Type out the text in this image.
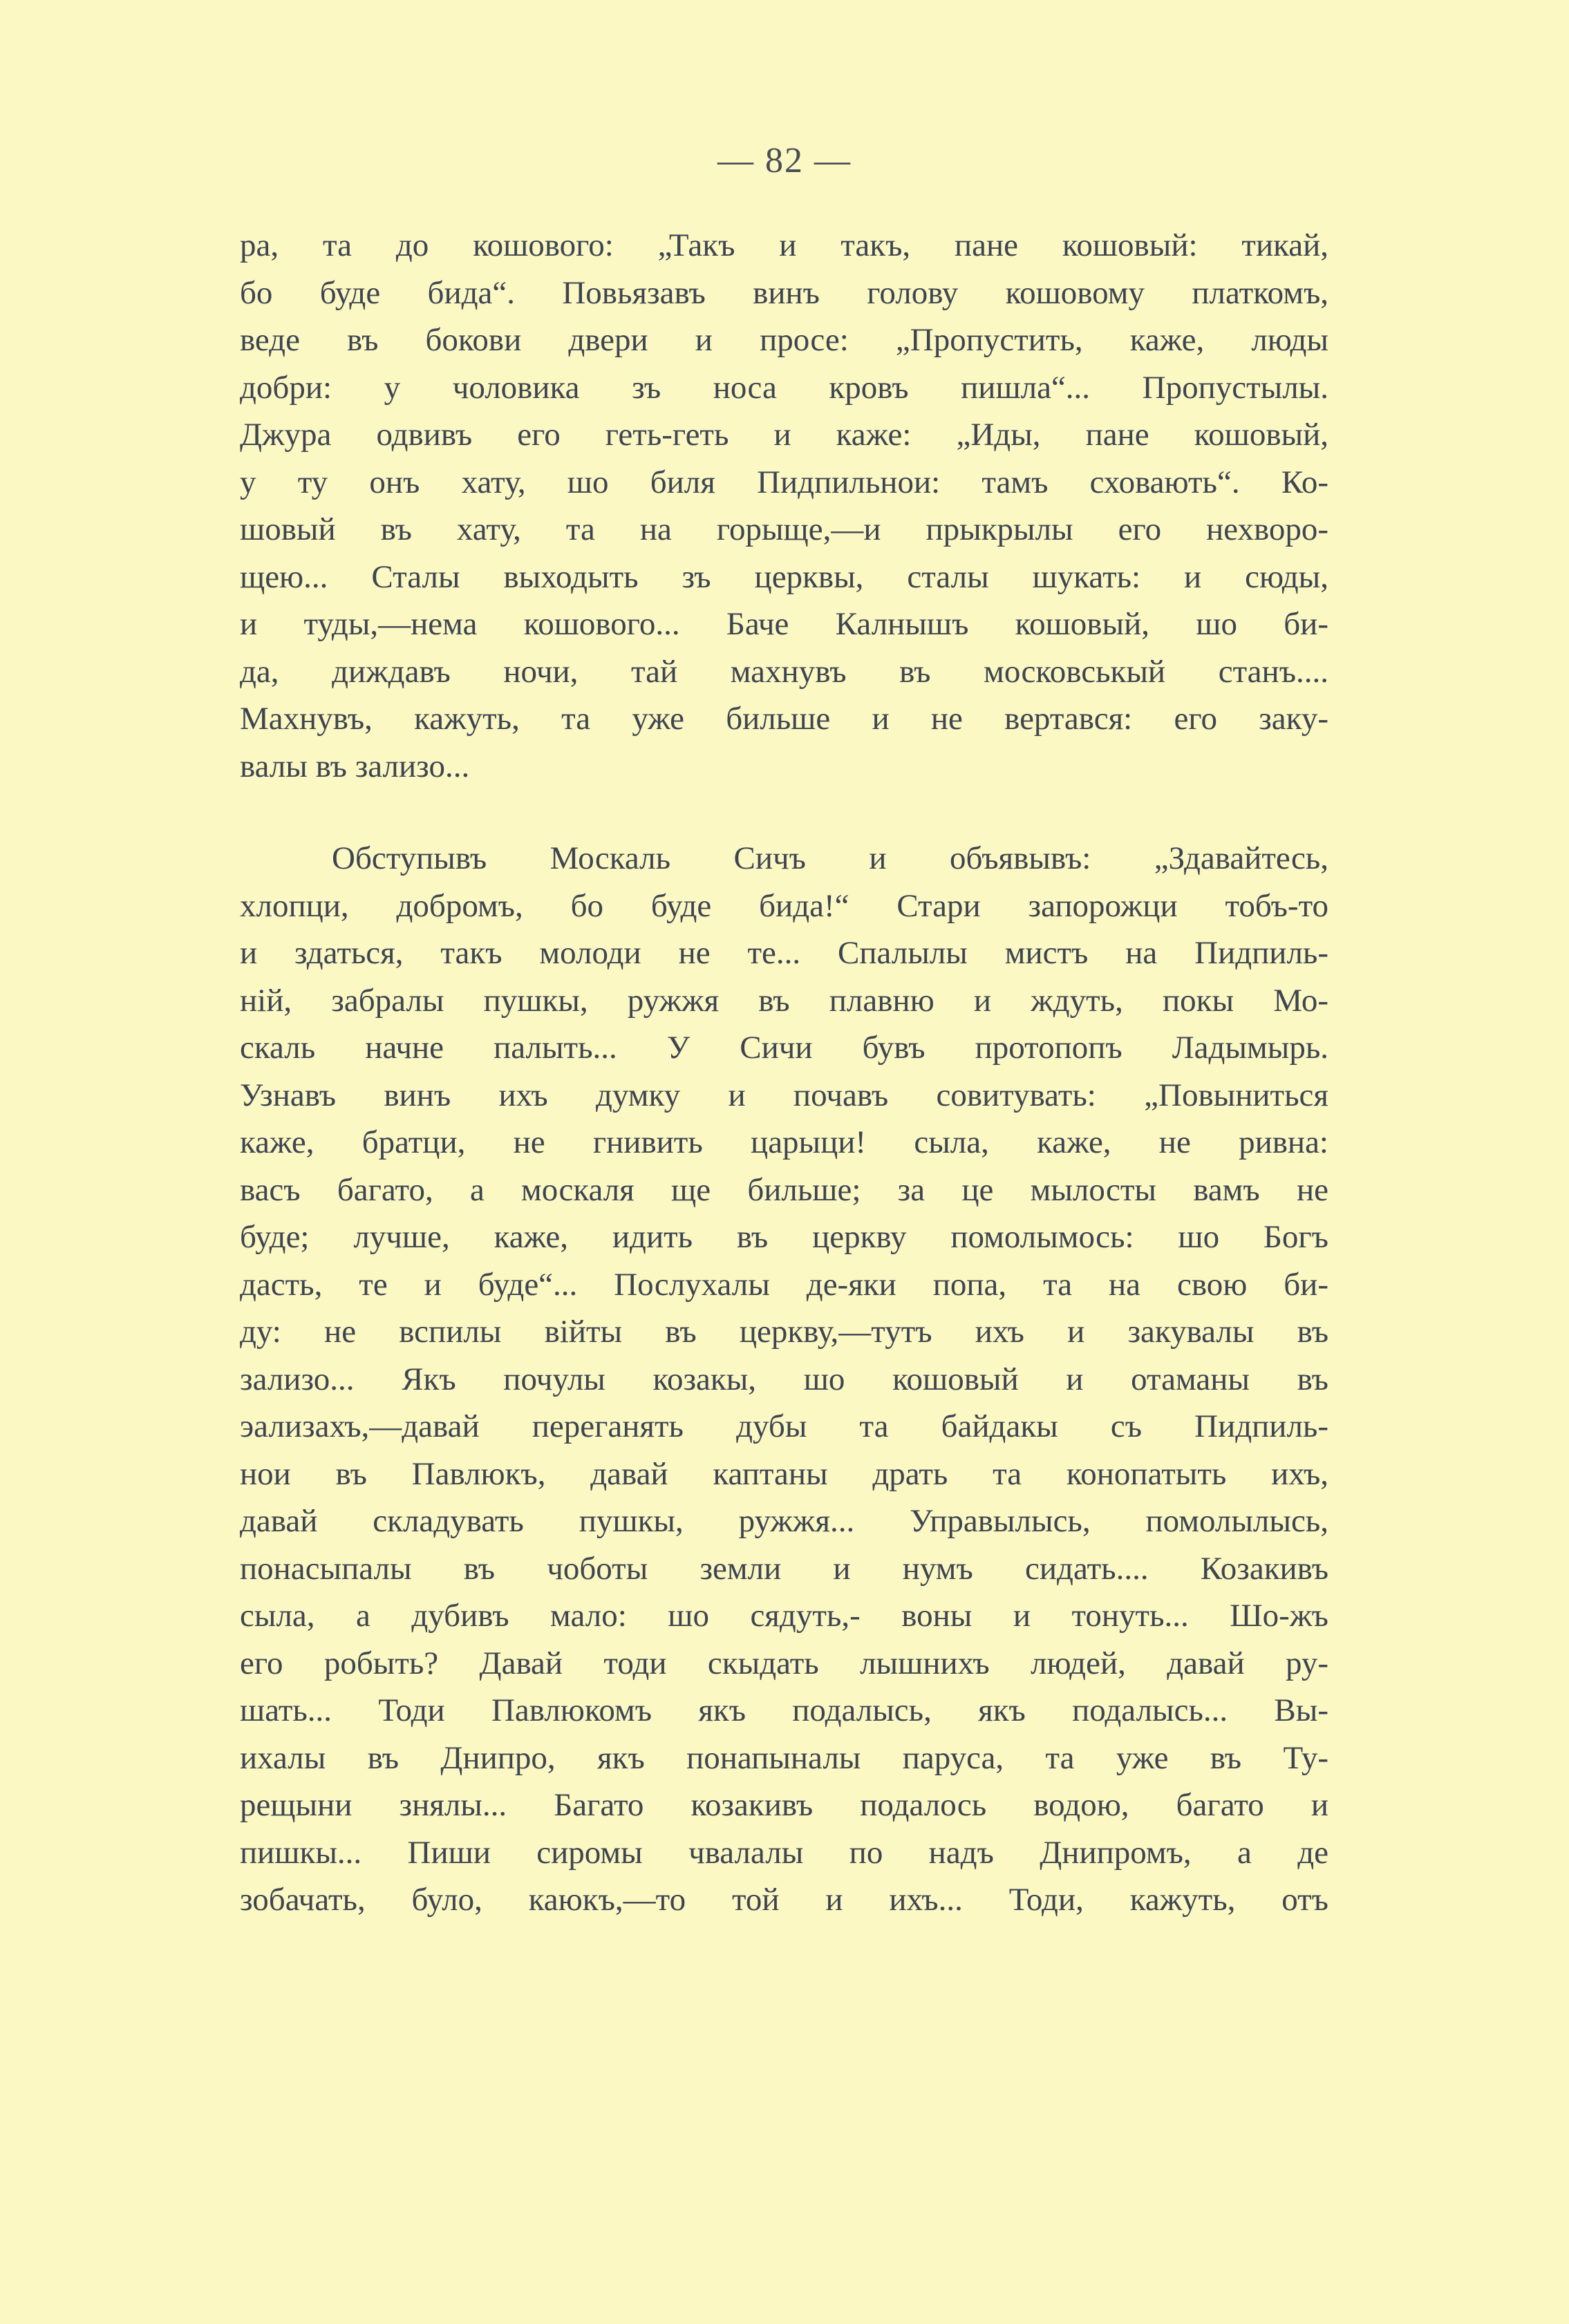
— 82 —
ра, та до кошового: „Такъ и такъ, пане кошовый: тикай,
бо буде бида“. Повьязавъ винъ голову кошовому платкомъ,
веде въ бокови двери и просе: „Пропустить, каже, люды
добри: у чоловика зъ носа кровъ пишла“... Пропустылы.
Джура одвивъ его геть-геть и каже: „Иды, пане кошовый,
у ту онъ хату, шо биля Пидпильнои: тамъ сховають“. Ко-
шовый въ хату, та на горыще,—и прыкрылы его нехворо-
щею... Сталы выходыть зъ церквы, сталы шукать: и сюды,
и туды,—нема кошового... Баче Калнышъ кошовый, шо би-
да, диждавъ ночи, тай махнувъ въ московськый станъ....
Махнувъ, кажуть, та уже бильше и не вертався: его заку-
валы въ зализо...
Обступывъ Москаль Сичъ и объявывъ: „Здавайтесь,
хлопци, добромъ, бо буде бида!“ Стари запорожци тобъ-то
и здаться, такъ молоди не те... Спалылы мистъ на Пидпиль-
ній, забралы пушкы, ружжя въ плавню и ждуть, покы Мо-
скаль начне палыть... У Сичи бувъ протопопъ Ладымырь.
Узнавъ винъ ихъ думку и почавъ совитувать: „Повыниться
каже, братци, не гнивить царыци! сыла, каже, не ривна:
васъ багато, а москаля ще бильше; за це мылосты вамъ не
буде; лучше, каже, идить въ церкву помолымось: шо Богъ
дасть, те и буде“... Послухалы де-яки попа, та на свою би-
ду: не вспилы війты въ церкву,—тутъ ихъ и закувалы въ
зализо... Якъ почулы козакы, шо кошовый и отаманы въ
эализахъ,—давай переганять дубы та байдакы съ Пидпиль-
нои въ Павлюкъ, давай каптаны драть та конопатыть ихъ,
давай складувать пушкы, ружжя... Управылысь, помолылысь,
понасыпалы въ чоботы земли и нумъ сидать.... Козакивъ
сыла, а дубивъ мало: шо сядуть,- воны и тонуть... Шо-жъ
его робыть? Давай тоди скыдать лышнихъ людей, давай ру-
шать... Тоди Павлюкомъ якъ подалысь, якъ подалысь... Вы-
ихалы въ Днипро, якъ понапыналы паруса, та уже въ Ту-
рещыни знялы... Багато козакивъ подалось водою, багато и
пишкы... Пиши сиромы чвалалы по надъ Днипромъ, а де
зобачать, було, каюкъ,—то той и ихъ... Тоди, кажуть, отъ
